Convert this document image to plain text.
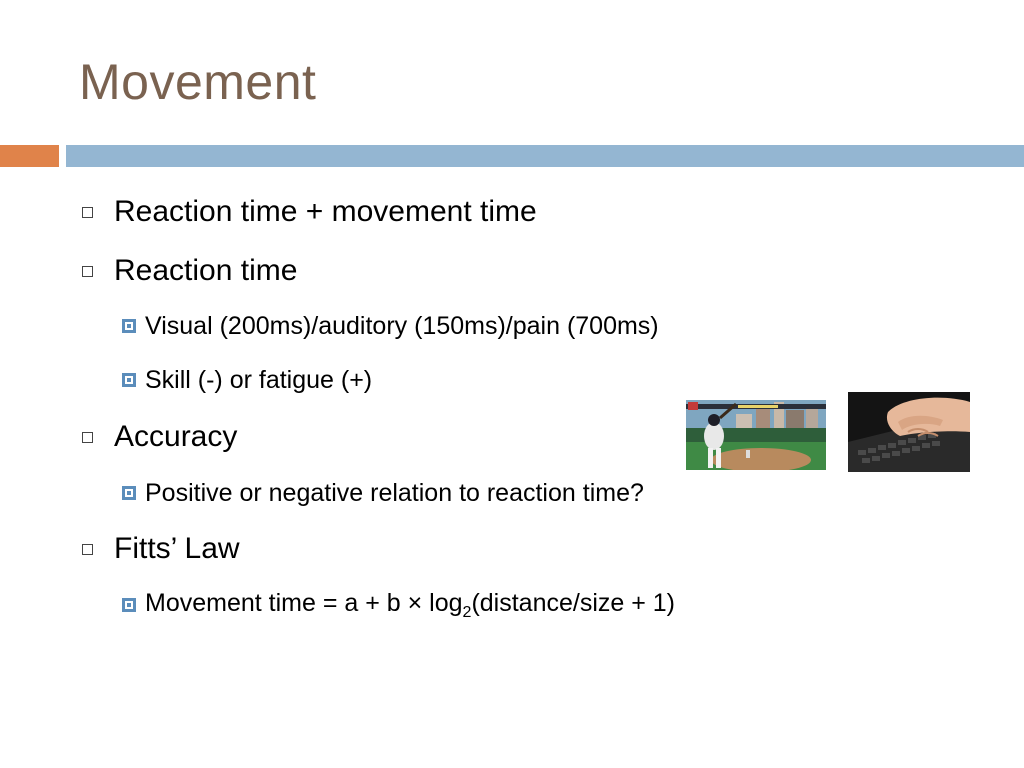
Movement
Reaction time + movement time
Reaction time
Visual (200ms)/auditory (150ms)/pain (700ms)
Skill (-) or fatigue (+)
Accuracy
Positive or negative relation to reaction time?
Fitts’ Law
Movement time = $a + b \times \log_2(distance$/size + 1)
